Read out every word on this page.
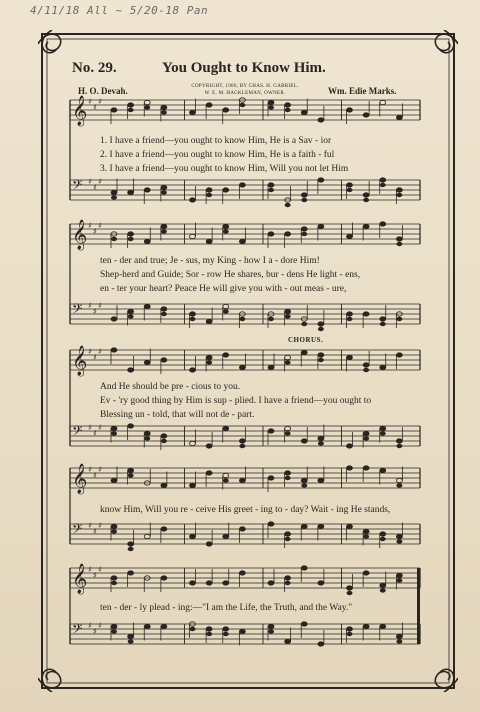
4/11/18 All ~ 5/20-18 Pan
No. 29.	You Ought to Know Him.
H. O. Devah.	COPYRIGHT, 1906, BY CHAS. H. GABRIEL.
W. E. M. HACKLEMAN, OWNER.	Wm. Edie Marks.
𝄞 ♯
♯
♯
𝄢 ♯
♯
♯
𝄞 ♯
♯
♯
𝄢 ♯
♯
♯
𝄞 ♯
♯
♯
𝄢 ♯
♯
♯
𝄞 ♯
♯
♯
𝄢 ♯
♯
♯
𝄞 ♯
♯
♯
𝄢 ♯
♯
♯
1. I have a friend—you ought to know Him, He is a Sav - ior
2. I have a friend—you ought to know Him, He is a faith - ful
3. I have a friend—you ought to know Him, Will you not let Him
ten - der and true; Je - sus, my King - how I a - dore Him!
Shep-herd and Guide; Sor - row He shares, bur - dens He light - ens,
en - ter your heart? Peace He will give you with - out meas - ure,
CHORUS.
And He should be pre - cious to you.
Ev - 'ry good thing by Him is sup - plied. I have a friend—you ought to
Blessing un - told, that will not de - part.
know Him, Will you re - ceive His greet - ing to - day? Wait - ing He stands,
ten - der - ly plead - ing:—"I am the Life, the Truth, and the Way."
